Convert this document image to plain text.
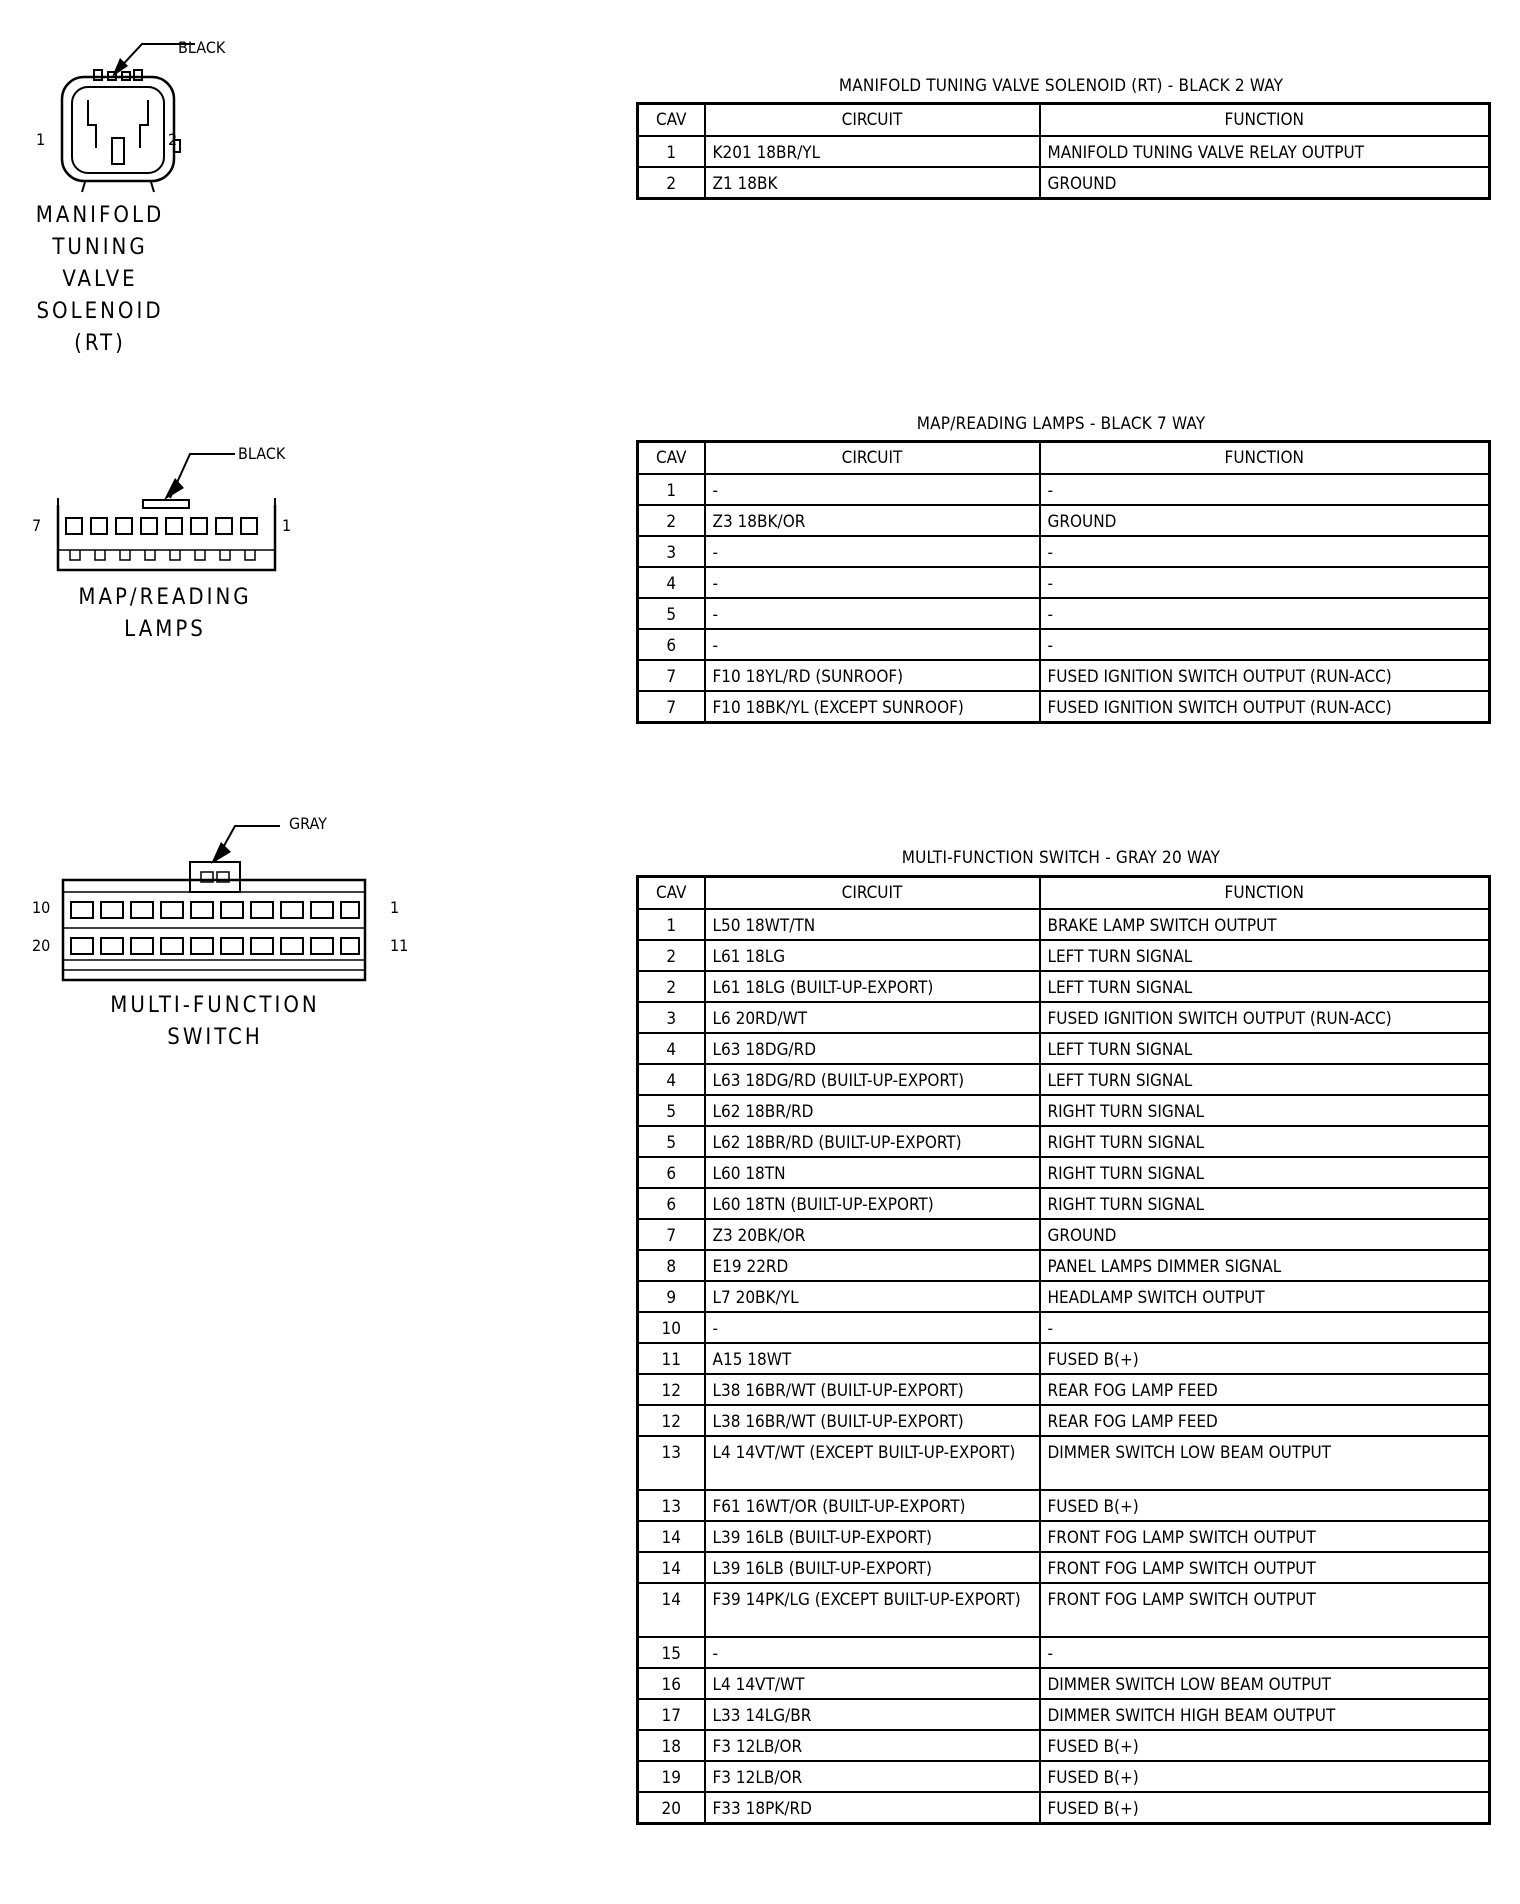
BLACK
1	2
MANIFOLD
TUNING
VALVE
SOLENOID
(RT)
MANIFOLD TUNING VALVE SOLENOID (RT) - BLACK 2 WAY
CAV	CIRCUIT	FUNCTION
1	K201 18BR/YL	MANIFOLD TUNING VALVE RELAY OUTPUT
2	Z1 18BK	GROUND
BLACK
7	1
MAP/READING
LAMPS
MAP/READING LAMPS - BLACK 7 WAY
CAV	CIRCUIT	FUNCTION
1	-	-
2	Z3 18BK/OR	GROUND
3	-	-
4	-	-
5	-	-
6	-	-
7	F10 18YL/RD (SUNROOF)	FUSED IGNITION SWITCH OUTPUT (RUN-ACC)
7	F10 18BK/YL (EXCEPT SUNROOF)	FUSED IGNITION SWITCH OUTPUT (RUN-ACC)
GRAY
10	1
20	11
MULTI-FUNCTION
SWITCH
MULTI-FUNCTION SWITCH - GRAY 20 WAY
CAV	CIRCUIT	FUNCTION
1	L50 18WT/TN	BRAKE LAMP SWITCH OUTPUT
2	L61 18LG	LEFT TURN SIGNAL
2	L61 18LG (BUILT-UP-EXPORT)	LEFT TURN SIGNAL
3	L6 20RD/WT	FUSED IGNITION SWITCH OUTPUT (RUN-ACC)
4	L63 18DG/RD	LEFT TURN SIGNAL
4	L63 18DG/RD (BUILT-UP-EXPORT)	LEFT TURN SIGNAL
5	L62 18BR/RD	RIGHT TURN SIGNAL
5	L62 18BR/RD (BUILT-UP-EXPORT)	RIGHT TURN SIGNAL
6	L60 18TN	RIGHT TURN SIGNAL
6	L60 18TN (BUILT-UP-EXPORT)	RIGHT TURN SIGNAL
7	Z3 20BK/OR	GROUND
8	E19 22RD	PANEL LAMPS DIMMER SIGNAL
9	L7 20BK/YL	HEADLAMP SWITCH OUTPUT
10	-	-
11	A15 18WT	FUSED B(+)
12	L38 16BR/WT (BUILT-UP-EXPORT)	REAR FOG LAMP FEED
12	L38 16BR/WT (BUILT-UP-EXPORT)	REAR FOG LAMP FEED
13	L4 14VT/WT (EXCEPT BUILT-UP-EXPORT)	DIMMER SWITCH LOW BEAM OUTPUT
13	F61 16WT/OR (BUILT-UP-EXPORT)	FUSED B(+)
14	L39 16LB (BUILT-UP-EXPORT)	FRONT FOG LAMP SWITCH OUTPUT
14	L39 16LB (BUILT-UP-EXPORT)	FRONT FOG LAMP SWITCH OUTPUT
14	F39 14PK/LG (EXCEPT BUILT-UP-EXPORT)	FRONT FOG LAMP SWITCH OUTPUT
15	-	-
16	L4 14VT/WT	DIMMER SWITCH LOW BEAM OUTPUT
17	L33 14LG/BR	DIMMER SWITCH HIGH BEAM OUTPUT
18	F3 12LB/OR	FUSED B(+)
19	F3 12LB/OR	FUSED B(+)
20	F33 18PK/RD	FUSED B(+)
